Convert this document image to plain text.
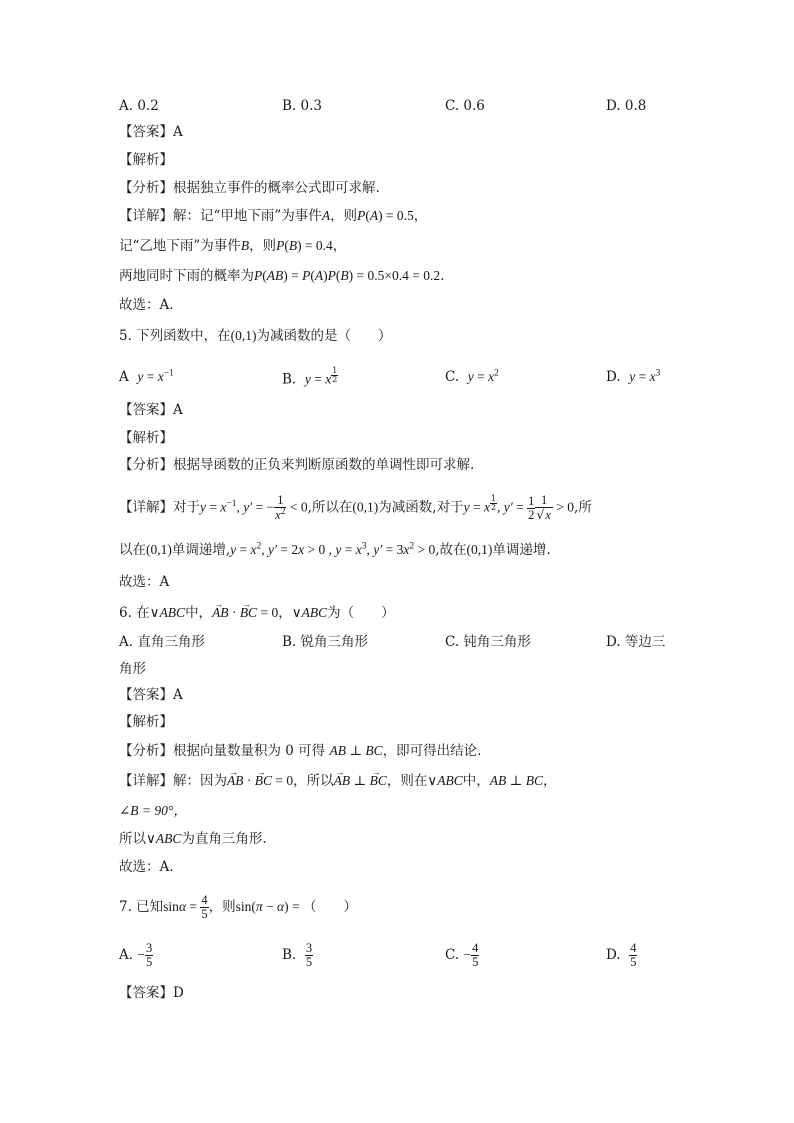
A. 0.2	B. 0.3	C. 0.6	D. 0.8
【答案】A
【解析】
【分析】根据独立事件的概率公式即可求解.
【详解】解：记“甲地下雨”为事件A，则P(A) = 0.5，
记“乙地下雨”为事件B，则P(B) = 0.4，
两地同时下雨的概率为P(AB) = P(A)P(B) = 0.5×0.4 = 0.2.
故选：A.
5. 下列函数中，在(0,1)为减函数的是（　　）
A $y = x^{-1}$	B. y = x $^{\frac{1}{2}}$	C. $y = x^2$	D. $y = x^3$
【答案】A
【解析】
【分析】根据导函数的正负来判断原函数的单调性即可求解.
【详解】对于$y = x^{-1}$, y′ = − $\frac{1}{x^2} < 0$,所以在(0,1)为减函数,对于y = x $^{\frac{1}{2}}$ , $y' = \frac{1}{2} \frac{1}{√x} > 0$,所
以在(0,1)单调递增$,y = x^2$, y′ = 2x > 0 , $y = x^3$, $y' = 3x^2 > 0$,故在(0,1)单调递增.
故选：A
6. 在∨ABC中，→ AB · → BC = 0，∨ABC为（　　）
A. 直角三角形	B. 锐角三角形	C. 钝角三角形	D. 等边三
角形
【答案】A
【解析】
【分析】根据向量数量积为 0 可得 AB ⊥ BC，即可得出结论.
【详解】解：因为→ AB · → BC = 0，所以→ AB ⊥ → BC，则在∨ABC中，AB ⊥ BC，
∠B = 90°，
所以∨ABC为直角三角形.
故选：A.
7. 已知$\sin\alpha = \frac{4}{5}$ ，则sin(π − α) = （　　）
A. − $\frac{3}{5}$	B. $\frac{3}{5}$	C. − $\frac{4}{5}$	D. $\frac{4}{5}$
【答案】D
